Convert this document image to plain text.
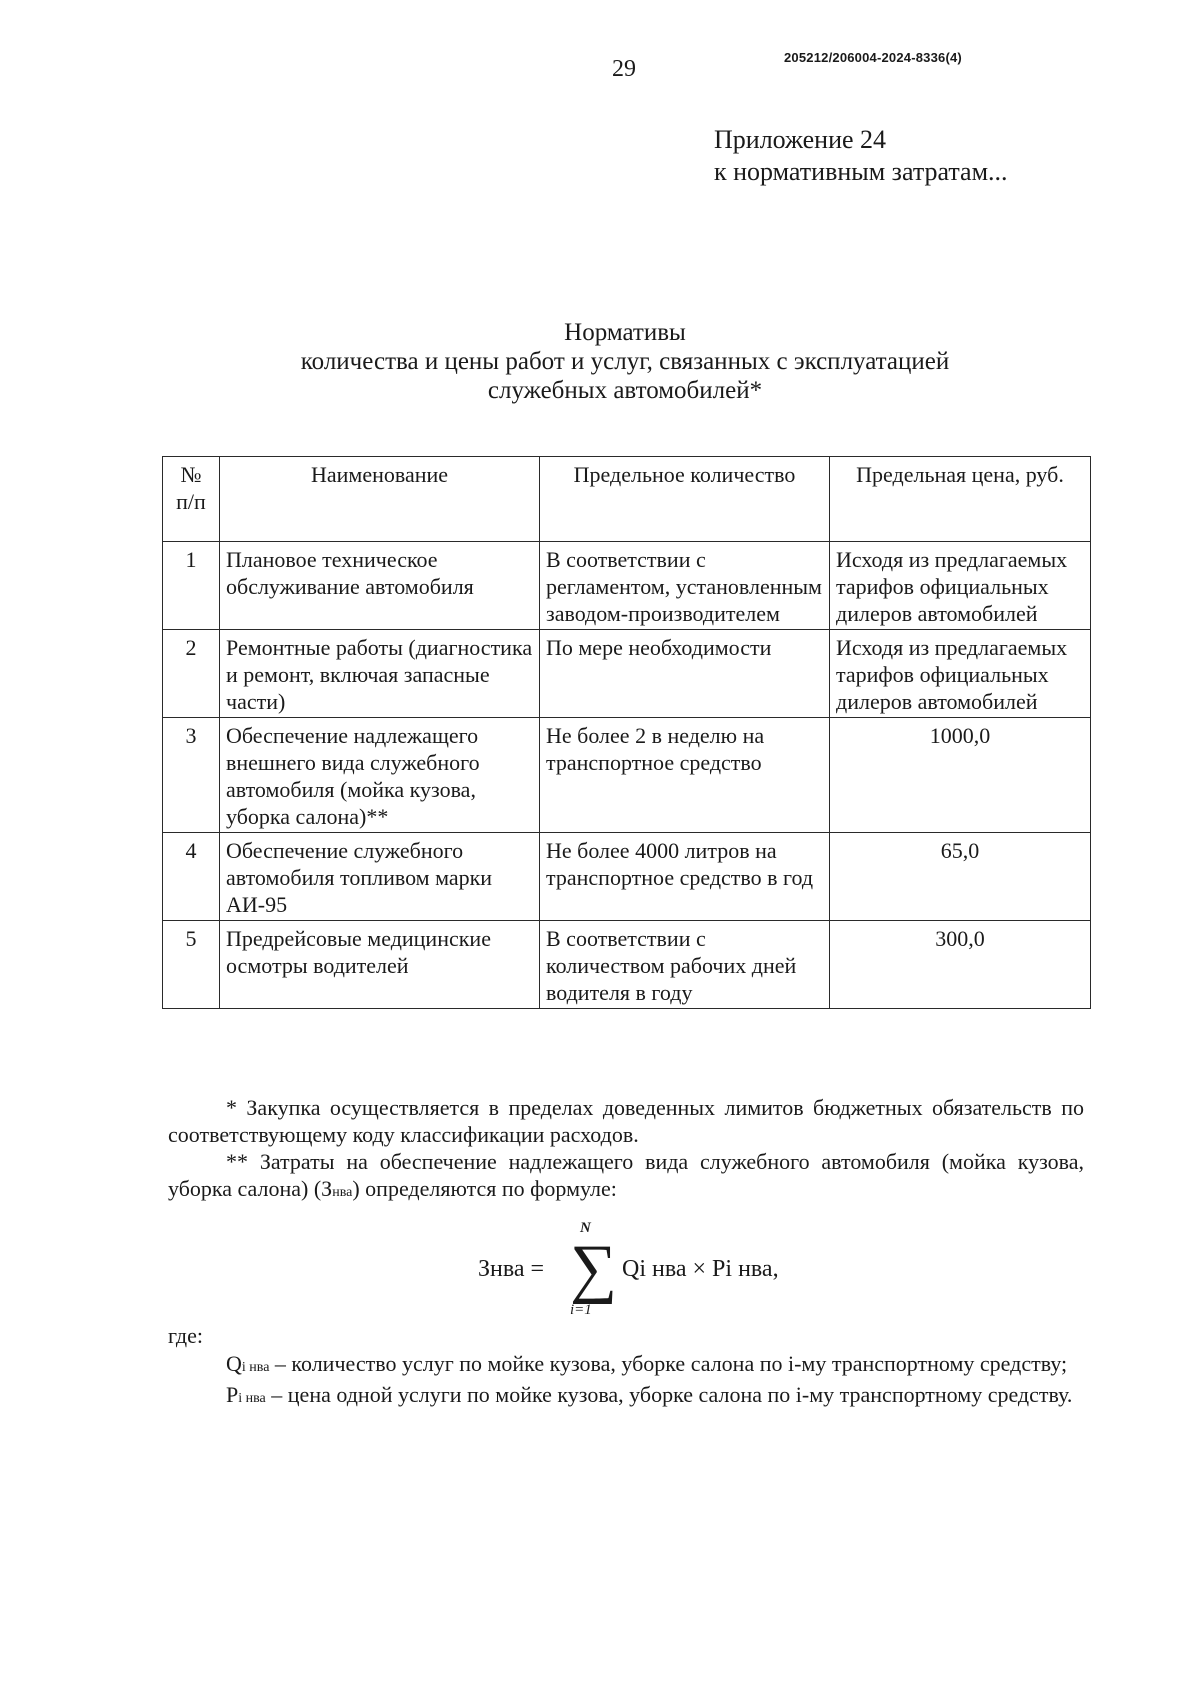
29	205212/206004-2024-8336(4)
Приложение 24
к нормативным затратам...
Нормативы
количества и цены работ и услуг, связанных с эксплуатацией
служебных автомобилей*
№ п/п	Наименование	Предельное количество	Предельная цена, руб.
1	Плановое техническое обслуживание автомобиля	В соответствии с регламентом, установленным заводом-производителем	Исходя из предлагаемых тарифов официальных дилеров автомобилей
2	Ремонтные работы (диагностика и ремонт, включая запасные части)	По мере необходимости	Исходя из предлагаемых тарифов официальных дилеров автомобилей
3	Обеспечение надлежащего внешнего вида служебного автомобиля (мойка кузова, уборка салона)**	Не более 2 в неделю на транспортное средство	1000,0
4	Обеспечение служебного автомобиля топливом марки АИ-95	Не более 4000 литров на транспортное средство в год	65,0
5	Предрейсовые медицинские осмотры водителей	В соответствии с количеством рабочих дней водителя в году	300,0

* Закупка осуществляется в пределах доведенных лимитов бюджетных обязательств по соответствующему коду классификации расходов.

** Затраты на обеспечение надлежащего вида служебного автомобиля (мойка кузова, уборка салона) (Знва) определяются по формуле:

Знва =
N
∑
i=1
Qi нва × Pi нва,
где:

Qi нва – количество услуг по мойке кузова, уборке салона по i-му транспортному средству;

Pi нва – цена одной услуги по мойке кузова, уборке салона по i-му транспортному средству.
